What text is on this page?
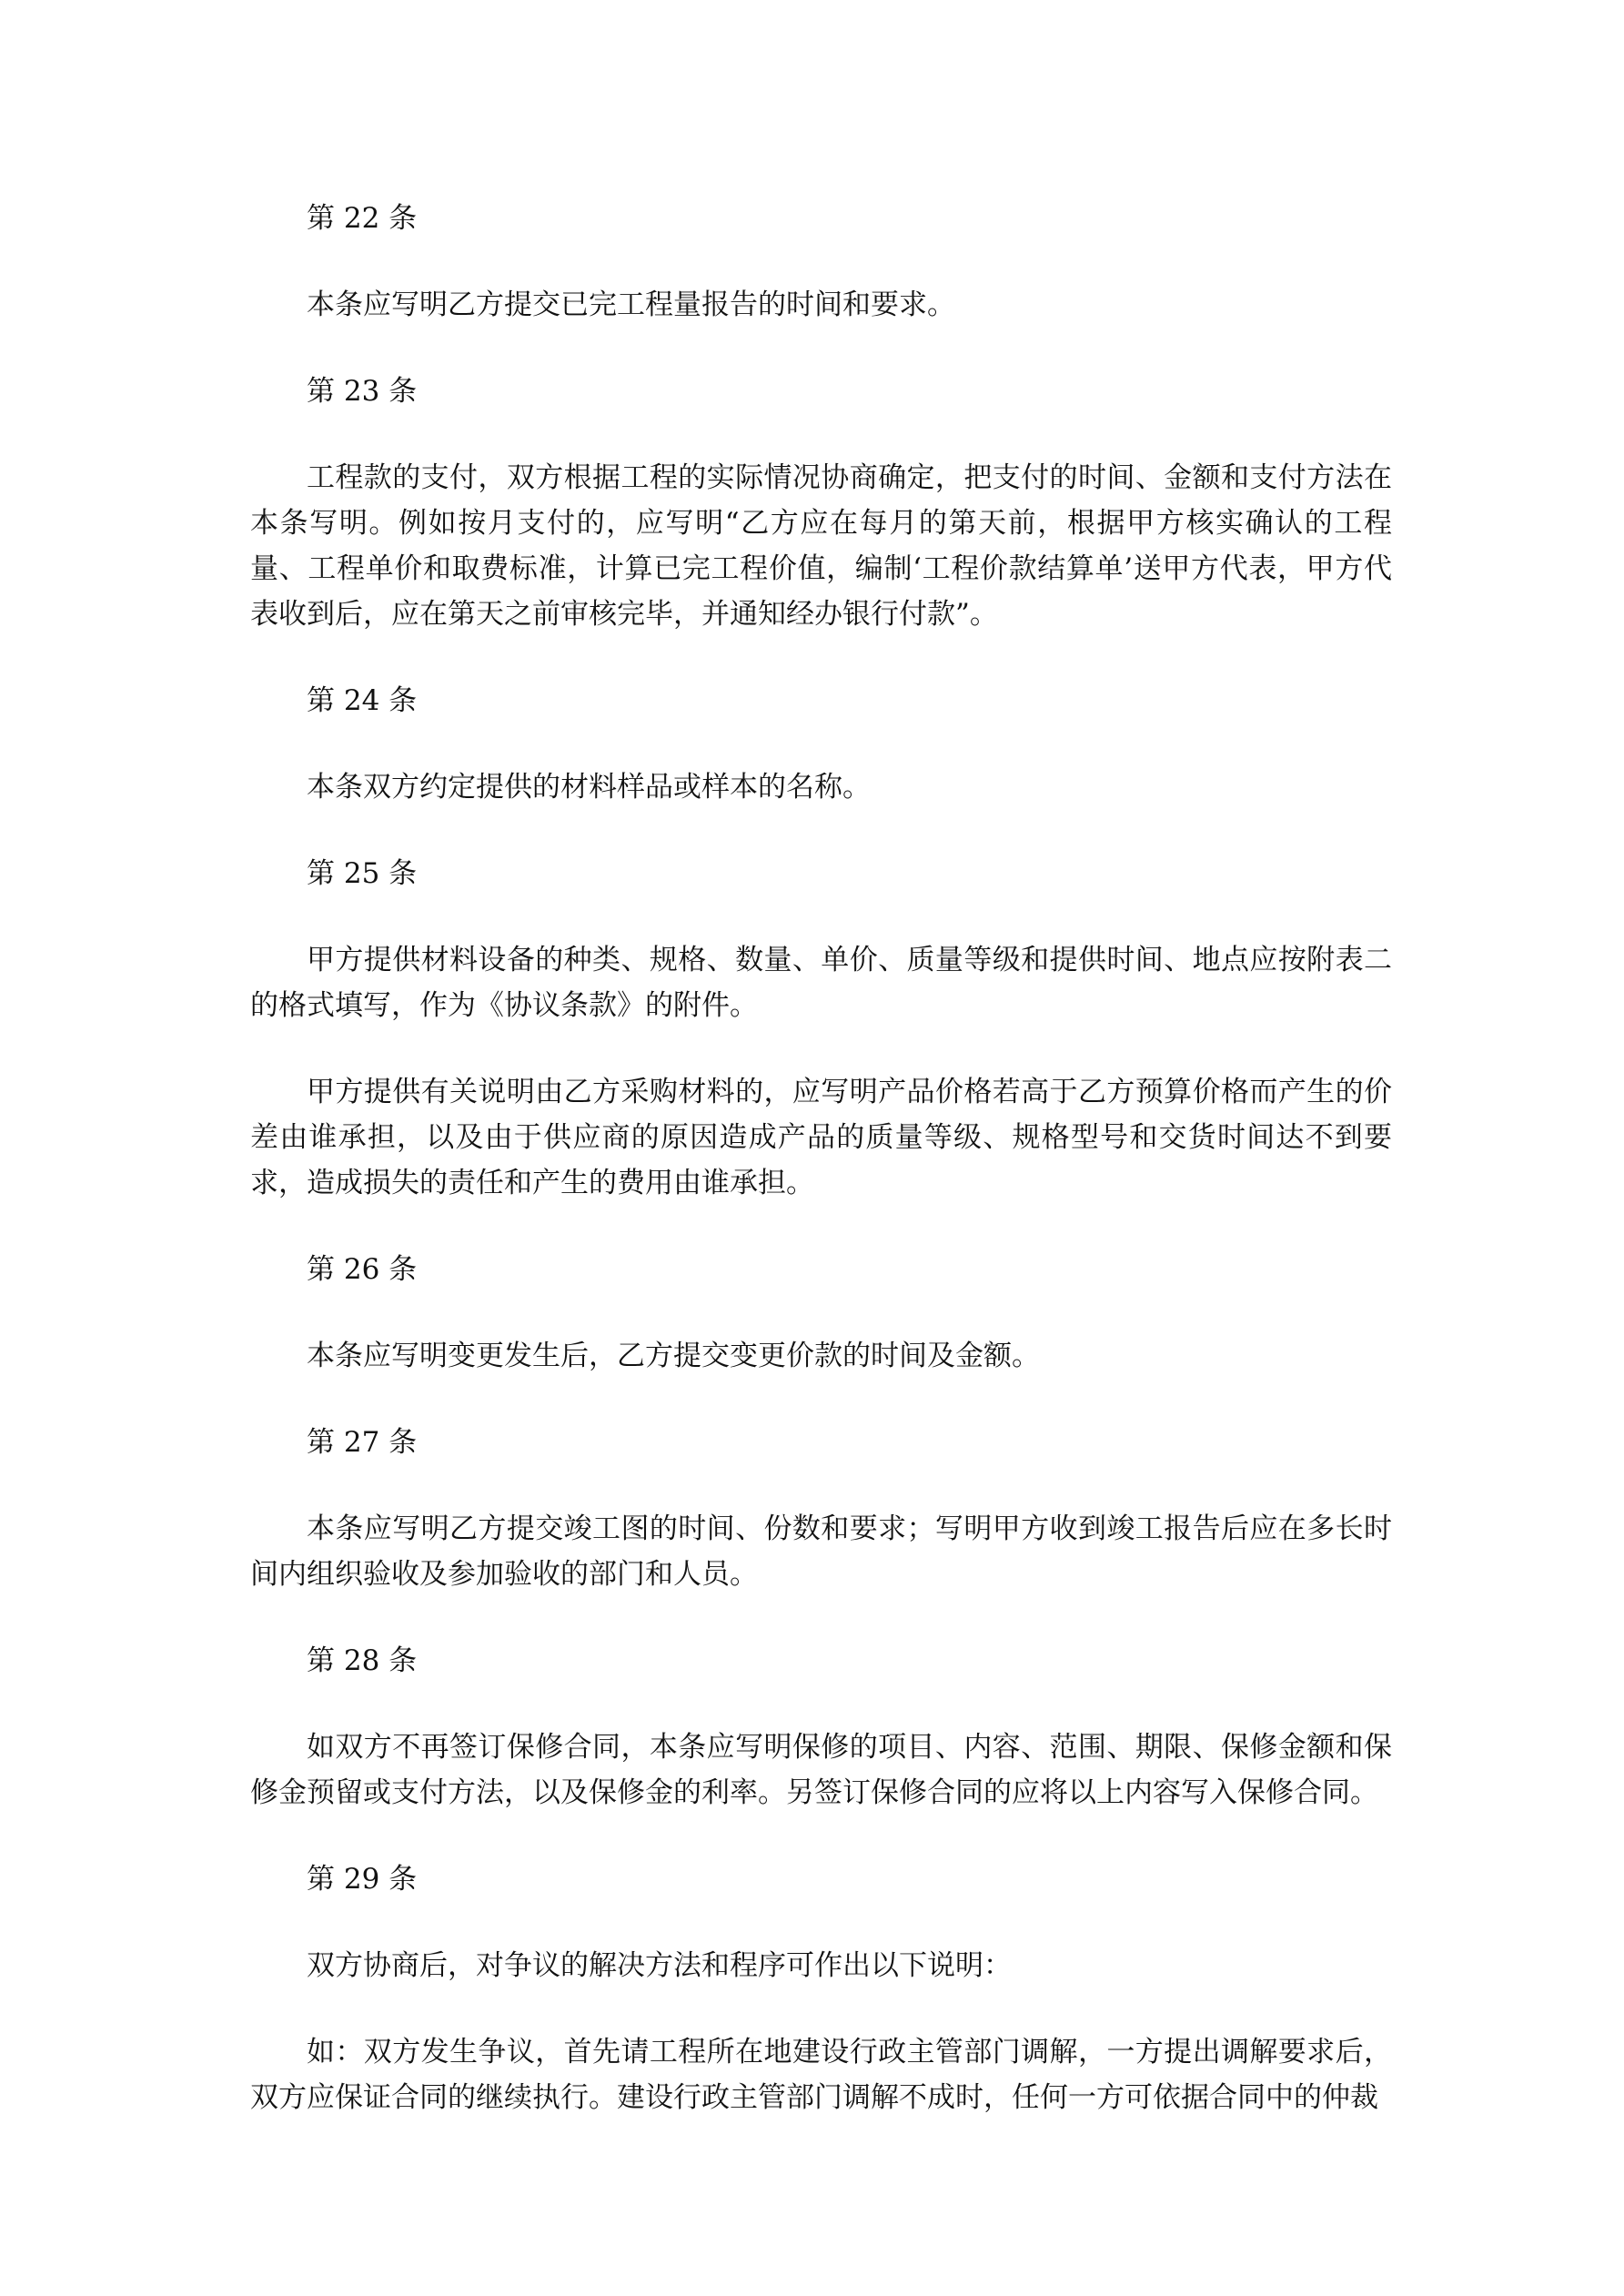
第 22 条
本条应写明乙方提交已完工程量报告的时间和要求。
第 23 条
工程款的支付，双方根据工程的实际情况协商确定，把支付的时间、金额和支付方法在本条写明。例如按月支付的，应写明“乙方应在每月的第天前，根据甲方核实确认的工程量、工程单价和取费标准，计算已完工程价值，编制‘工程价款结算单’送甲方代表，甲方代表收到后，应在第天之前审核完毕，并通知经办银行付款”。
第 24 条
本条双方约定提供的材料样品或样本的名称。
第 25 条
甲方提供材料设备的种类、规格、数量、单价、质量等级和提供时间、地点应按附表二的格式填写，作为《协议条款》的附件。
甲方提供有关说明由乙方采购材料的，应写明产品价格若高于乙方预算价格而产生的价差由谁承担，以及由于供应商的原因造成产品的质量等级、规格型号和交货时间达不到要求，造成损失的责任和产生的费用由谁承担。
第 26 条
本条应写明变更发生后，乙方提交变更价款的时间及金额。
第 27 条
本条应写明乙方提交竣工图的时间、份数和要求；写明甲方收到竣工报告后应在多长时间内组织验收及参加验收的部门和人员。
第 28 条
如双方不再签订保修合同，本条应写明保修的项目、内容、范围、期限、保修金额和保修金预留或支付方法，以及保修金的利率。另签订保修合同的应将以上内容写入保修合同。
第 29 条
双方协商后，对争议的解决方法和程序可作出以下说明：
如：双方发生争议，首先请工程所在地建设行政主管部门调解，一方提出调解要求后，双方应保证合同的继续执行。建设行政主管部门调解不成时，任何一方可依据合同中的仲裁
